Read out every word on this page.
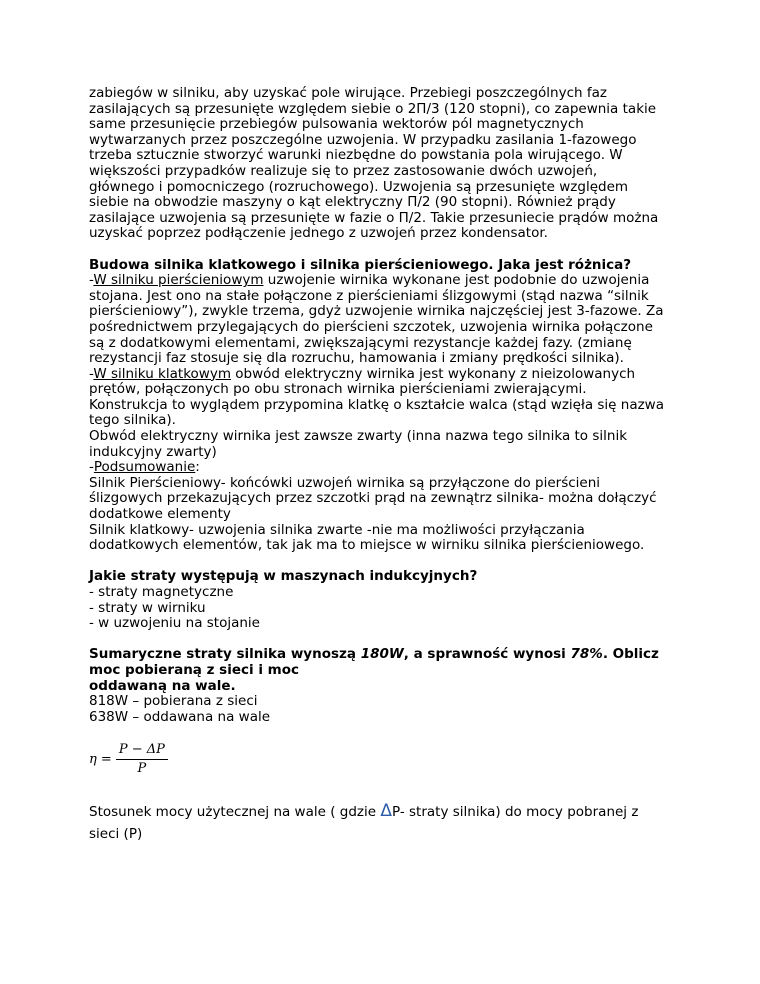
zabiegów w silniku, aby uzyskać pole wirujące. Przebiegi poszczególnych faz

zasilających są przesunięte względem siebie o 2Π/3 (120 stopni), co zapewnia takie

same przesunięcie przebiegów pulsowania wektorów pól magnetycznych

wytwarzanych przez poszczególne uzwojenia. W przypadku zasilania 1-fazowego

trzeba sztucznie stworzyć warunki niezbędne do powstania pola wirującego. W

większości przypadków realizuje się to przez zastosowanie dwóch uzwojeń,

głównego i pomocniczego (rozruchowego). Uzwojenia są przesunięte względem

siebie na obwodzie maszyny o kąt elektryczny Π/2 (90 stopni). Również prądy

zasilające uzwojenia są przesunięte w fazie o Π/2. Takie przesuniecie prądów można

uzyskać poprzez podłączenie jednego z uzwojeń przez kondensator.

Budowa silnika klatkowego i silnika pierścieniowego. Jaka jest różnica?

-W silniku pierścieniowym uzwojenie wirnika wykonane jest podobnie do uzwojenia

stojana. Jest ono na stałe połączone z pierścieniami ślizgowymi (stąd nazwa “silnik

pierścieniowy”), zwykle trzema, gdyż uzwojenie wirnika najczęściej jest 3-fazowe. Za

pośrednictwem przylegających do pierścieni szczotek, uzwojenia wirnika połączone

są z dodatkowymi elementami, zwiększającymi rezystancje każdej fazy. (zmianę

rezystancji faz stosuje się dla rozruchu, hamowania i zmiany prędkości silnika).

-W silniku klatkowym obwód elektryczny wirnika jest wykonany z nieizolowanych

prętów, połączonych po obu stronach wirnika pierścieniami zwierającymi.

Konstrukcja to wyglądem przypomina klatkę o kształcie walca (stąd wzięła się nazwa

tego silnika).

Obwód elektryczny wirnika jest zawsze zwarty (inna nazwa tego silnika to silnik

indukcyjny zwarty)

-Podsumowanie:

Silnik Pierścieniowy- końcówki uzwojeń wirnika są przyłączone do pierścieni

ślizgowych przekazujących przez szczotki prąd na zewnątrz silnika- można dołączyć

dodatkowe elementy

Silnik klatkowy- uzwojenia silnika zwarte -nie ma możliwości przyłączania

dodatkowych elementów, tak jak ma to miejsce w wirniku silnika pierścieniowego.

Jakie straty występują w maszynach indukcyjnych?

- straty magnetyczne

- straty w wirniku

- w uzwojeniu na stojanie

Sumaryczne straty silnika wynoszą 180W, a sprawność wynosi 78%. Oblicz

moc pobieraną z sieci i moc

oddawaną na wale.

818W – pobierana z sieci

638W – oddawana na wale

$\eta = \frac{P - \Delta P}{P}$

Stosunek mocy użytecznej na wale ( gdzie ΔP- straty silnika) do mocy pobranej z
sieci (P)
